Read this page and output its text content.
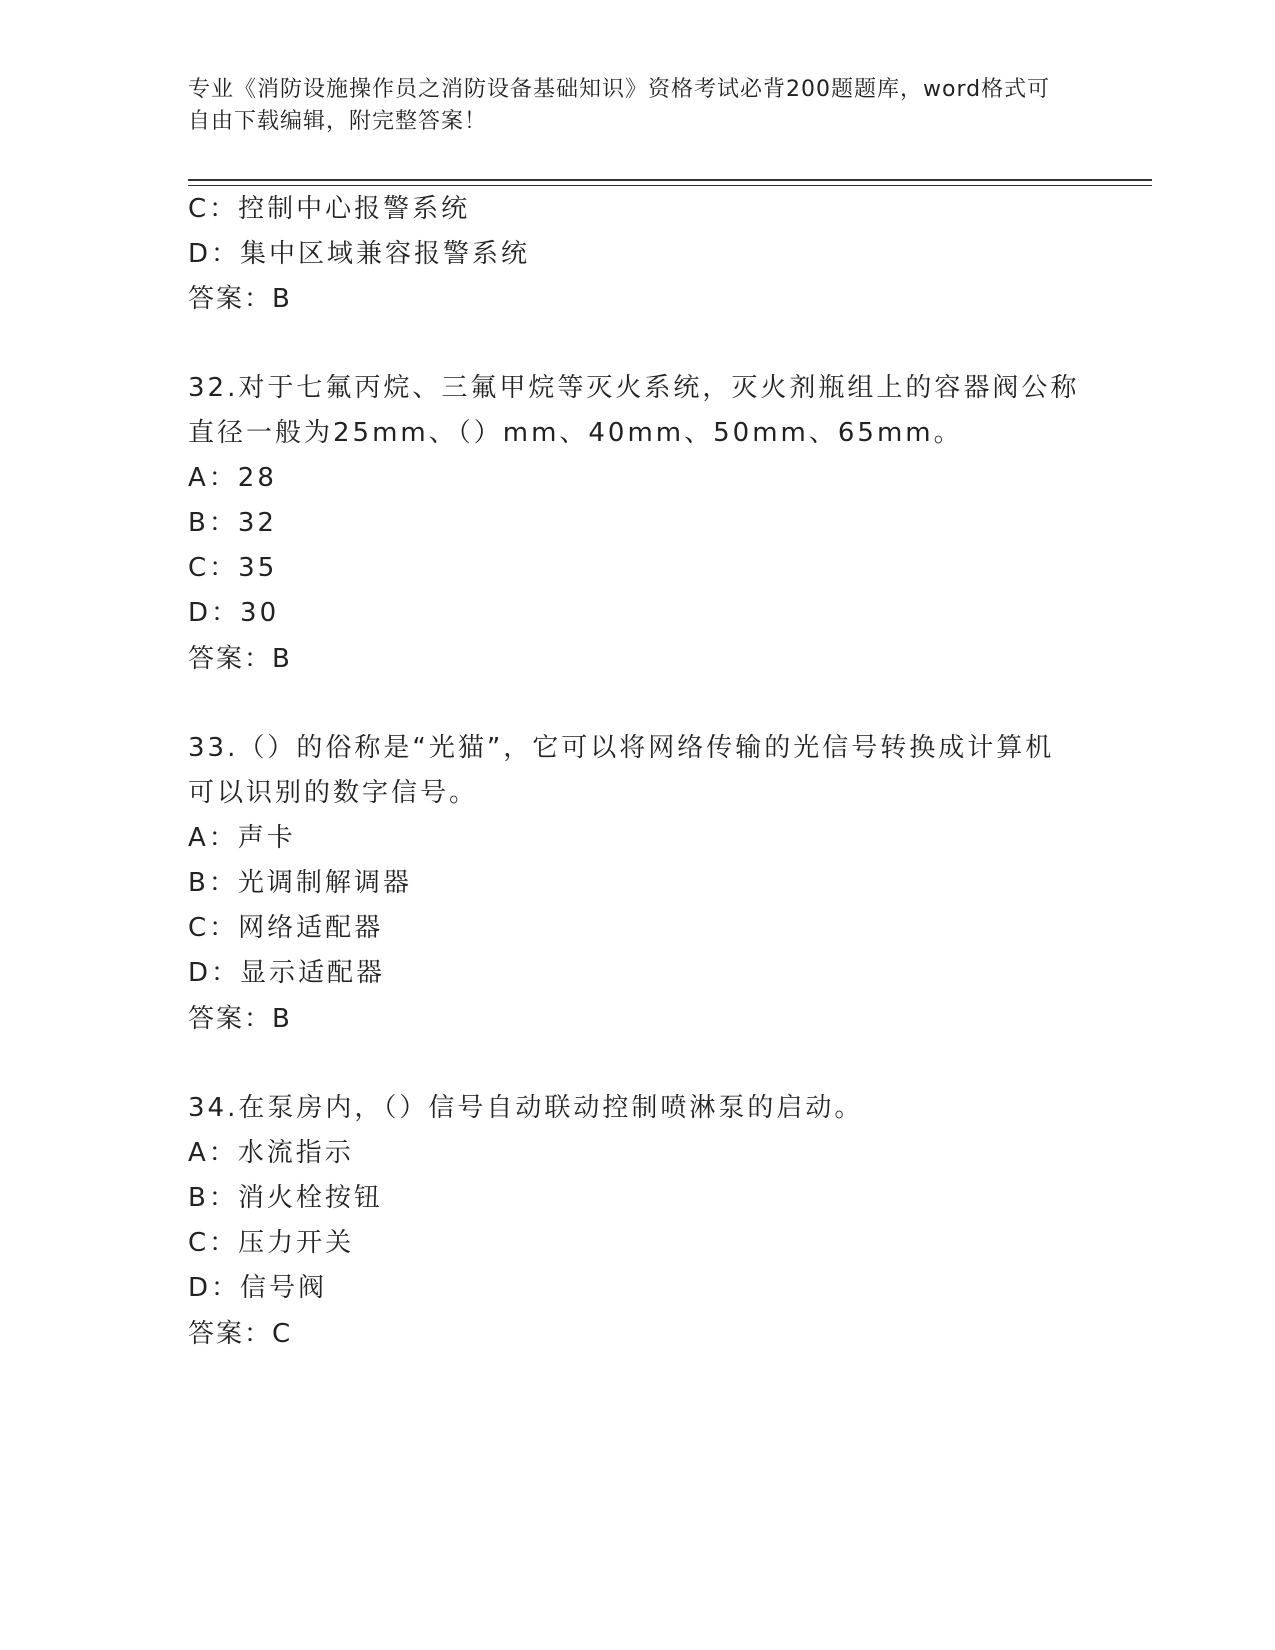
专业《消防设施操作员之消防设备基础知识》资格考试必背200题题库，word格式可自由下载编辑，附完整答案！
C：控制中心报警系统
D：集中区域兼容报警系统
答案：B
32.对于七氟丙烷、三氟甲烷等灭火系统，灭火剂瓶组上的容器阀公称
直径一般为25mm、（）mm、40mm、50mm、65mm。
A：28
B：32
C：35
D：30
答案：B
33.（）的俗称是“光猫”，它可以将网络传输的光信号转换成计算机
可以识别的数字信号。
A：声卡
B：光调制解调器
C：网络适配器
D：显示适配器
答案：B
34.在泵房内，（）信号自动联动控制喷淋泵的启动。
A：水流指示
B：消火栓按钮
C：压力开关
D：信号阀
答案：C
